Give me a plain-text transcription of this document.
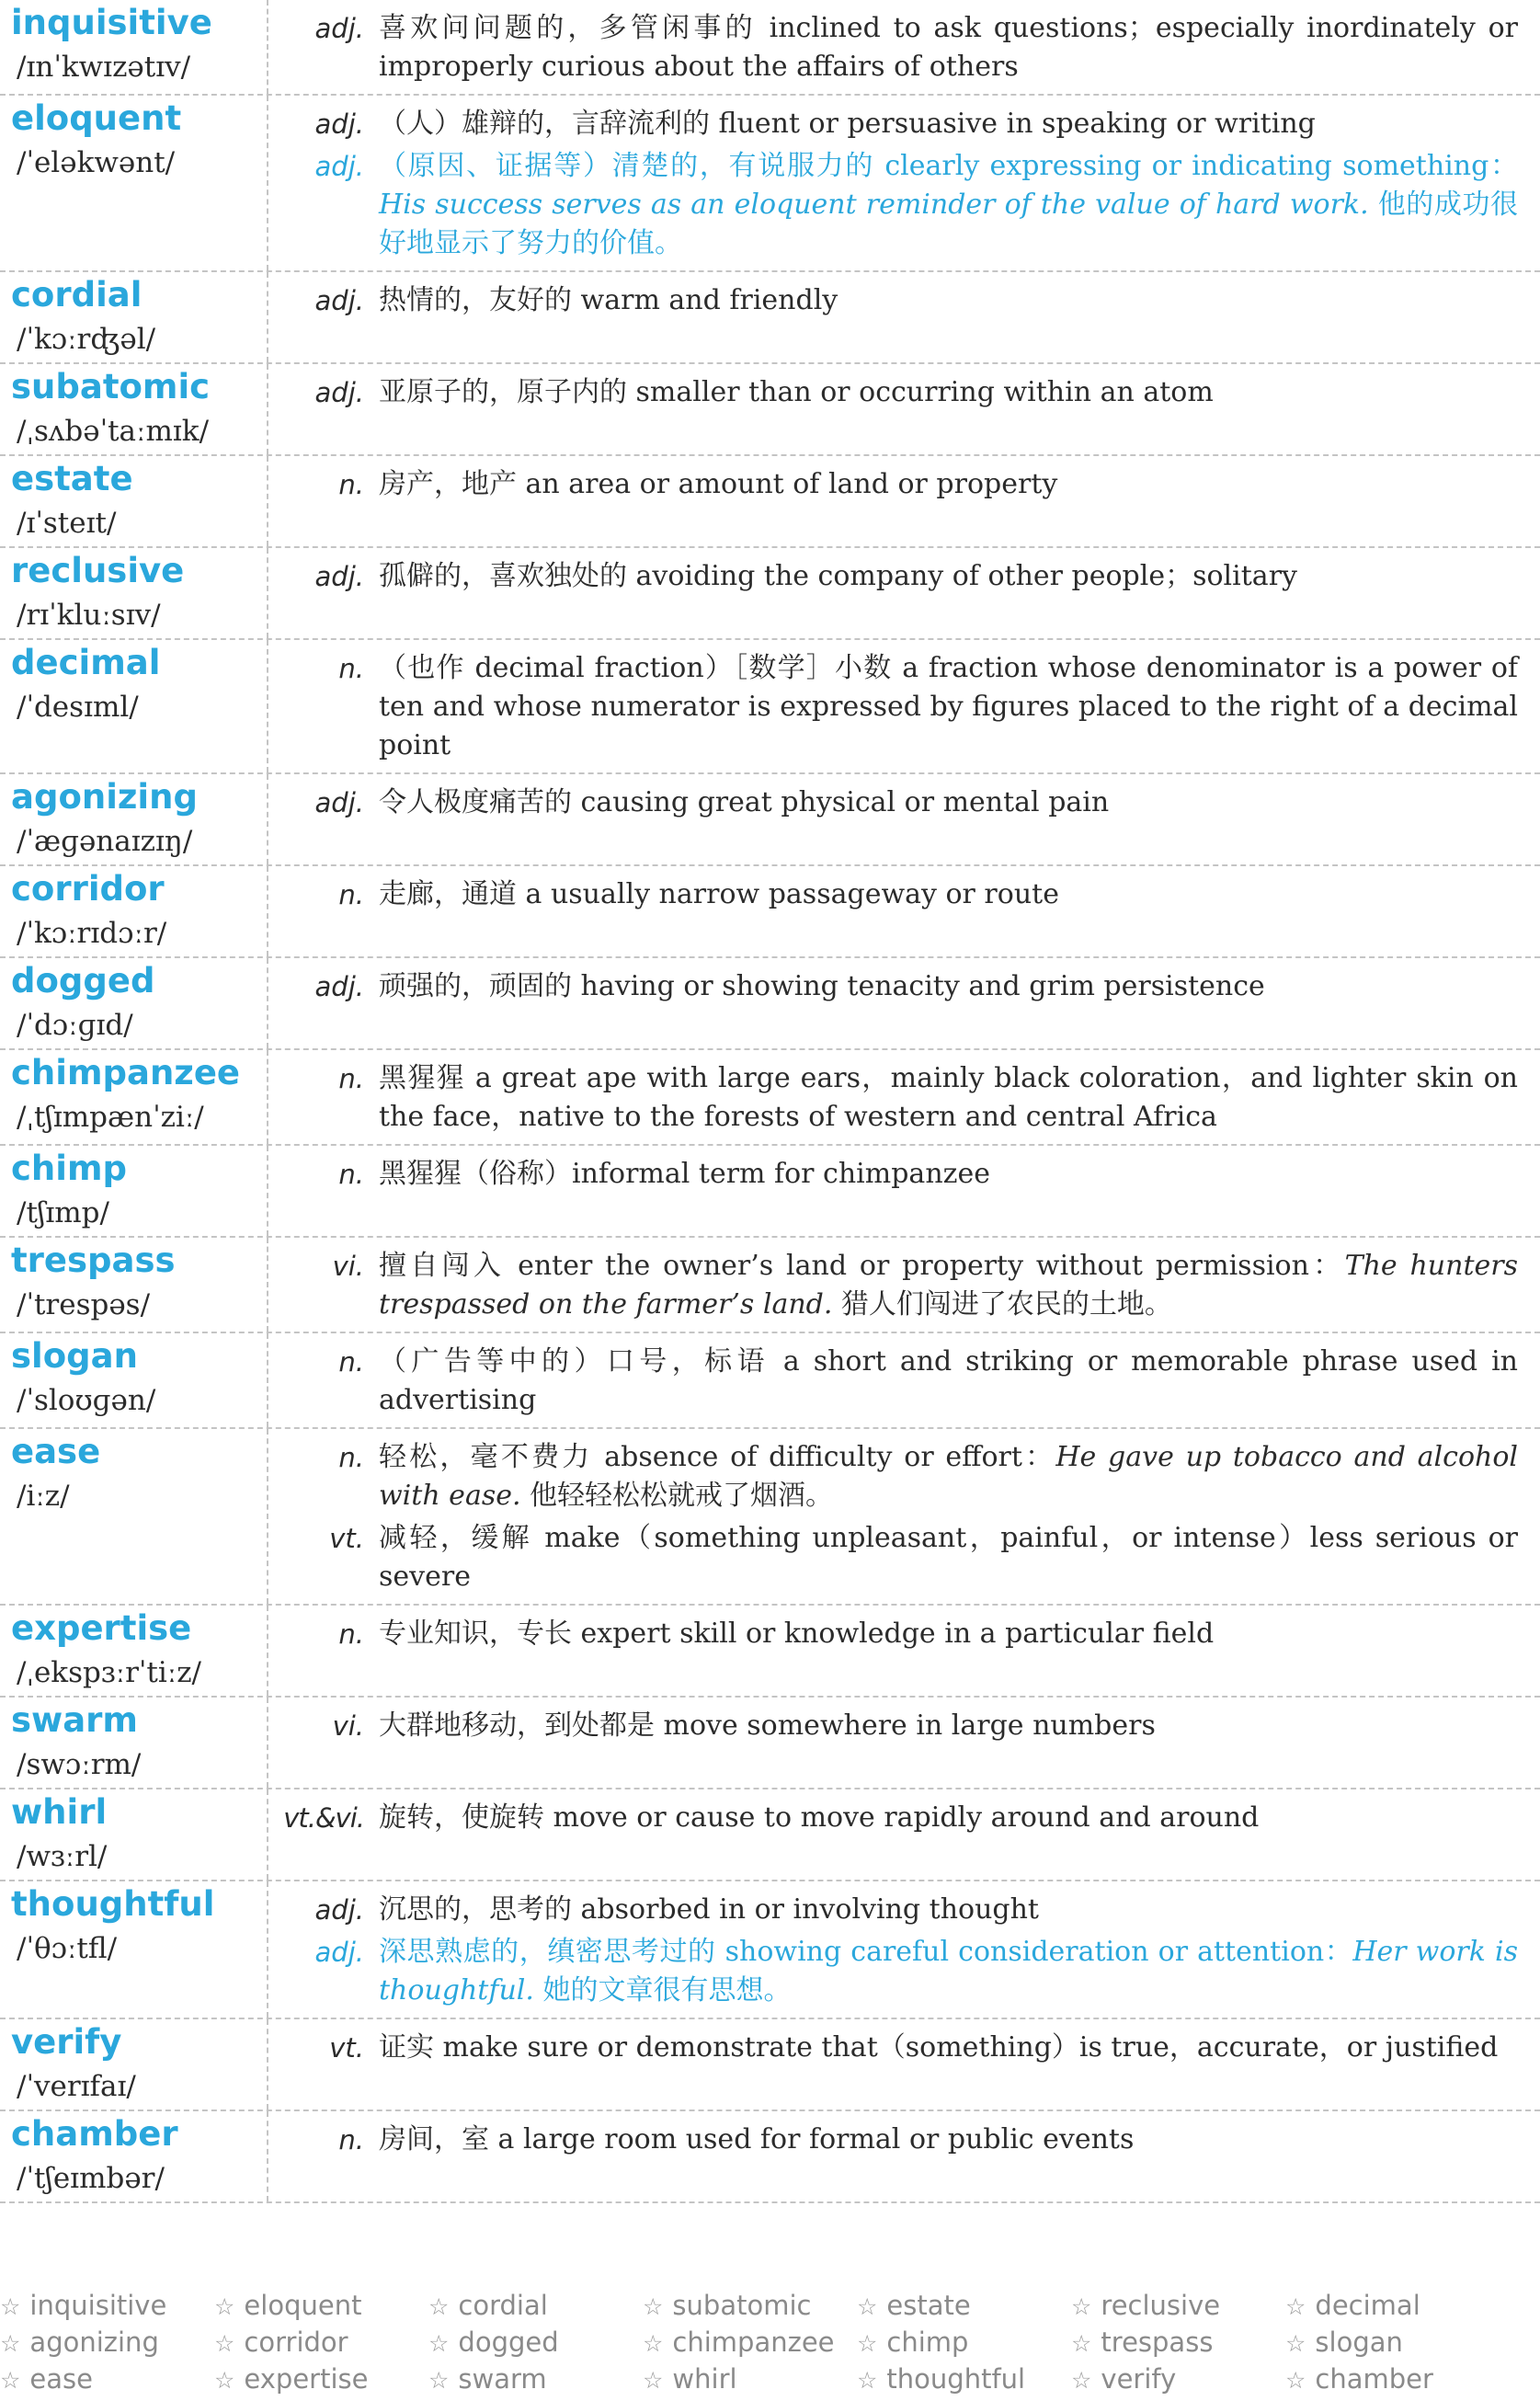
inquisitive
/ɪnˈkwɪzətɪv/
adj. 喜欢问问题的，多管闲事的 inclined to ask questions；especially inordinately or improperly curious about the affairs of others
eloquent
/ˈeləkwənt/
adj. （人）雄辩的，言辞流利的 fluent or persuasive in speaking or writing
adj. （原因、证据等）清楚的，有说服力的 clearly expressing or indicating something：His success serves as an eloquent reminder of the value of hard work. 他的成功很好地显示了努力的价值。
cordial
/ˈkɔːrʤəl/
adj. 热情的，友好的 warm and friendly
subatomic
/ˌsʌbəˈtaːmɪk/
adj. 亚原子的，原子内的 smaller than or occurring within an atom
estate
/ɪˈsteɪt/
n. 房产，地产 an area or amount of land or property
reclusive
/rɪˈkluːsɪv/
adj. 孤僻的，喜欢独处的 avoiding the company of other people；solitary
decimal
/ˈdesɪml/
n. （也作 decimal fraction）［数学］小数 a fraction whose denominator is a power of ten and whose numerator is expressed by figures placed to the right of a decimal point
agonizing
/ˈæɡənaɪzɪŋ/
adj. 令人极度痛苦的 causing great physical or mental pain
corridor
/ˈkɔːrɪdɔːr/
n. 走廊，通道 a usually narrow passageway or route
dogged
/ˈdɔːɡɪd/
adj. 顽强的，顽固的 having or showing tenacity and grim persistence
chimpanzee
/ˌtʃɪmpænˈziː/
n. 黑猩猩 a great ape with large ears，mainly black coloration，and lighter skin on the face，native to the forests of western and central Africa
chimp
/tʃɪmp/
n. 黑猩猩（俗称）informal term for chimpanzee
trespass
/ˈtrespəs/
vi. 擅自闯入 enter the owner’s land or property without permission：The hunters trespassed on the farmer’s land. 猎人们闯进了农民的土地。
slogan
/ˈsloʊɡən/
n. （广告等中的）口号，标语 a short and striking or memorable phrase used in advertising
ease
/iːz/
n. 轻松，毫不费力 absence of difficulty or effort：He gave up tobacco and alcohol with ease. 他轻轻松松就戒了烟酒。
vt. 减轻，缓解 make（something unpleasant，painful，or intense）less serious or severe
expertise
/ˌekspɜːrˈtiːz/
n. 专业知识，专长 expert skill or knowledge in a particular field
swarm
/swɔːrm/
vi. 大群地移动，到处都是 move somewhere in large numbers
whirl
/wɜːrl/
vt.&vi. 旋转，使旋转 move or cause to move rapidly around and around
thoughtful
/ˈθɔːtfl/
adj. 沉思的，思考的 absorbed in or involving thought
adj. 深思熟虑的，缜密思考过的 showing careful consideration or attention：Her work is thoughtful. 她的文章很有思想。
verify
/ˈverɪfaɪ/
vt. 证实 make sure or demonstrate that（something）is true，accurate，or justified
chamber
/ˈtʃeɪmbər/
n. 房间，室 a large room used for formal or public events
☆ inquisitive	☆ eloquent	☆ cordial	☆ subatomic	☆ estate	☆ reclusive	☆ decimal
☆ agonizing	☆ corridor	☆ dogged	☆ chimpanzee ☆ chimp	☆ trespass	☆ slogan
☆ ease	☆ expertise	☆ swarm	☆ whirl	☆ thoughtful	☆ verify	☆ chamber
